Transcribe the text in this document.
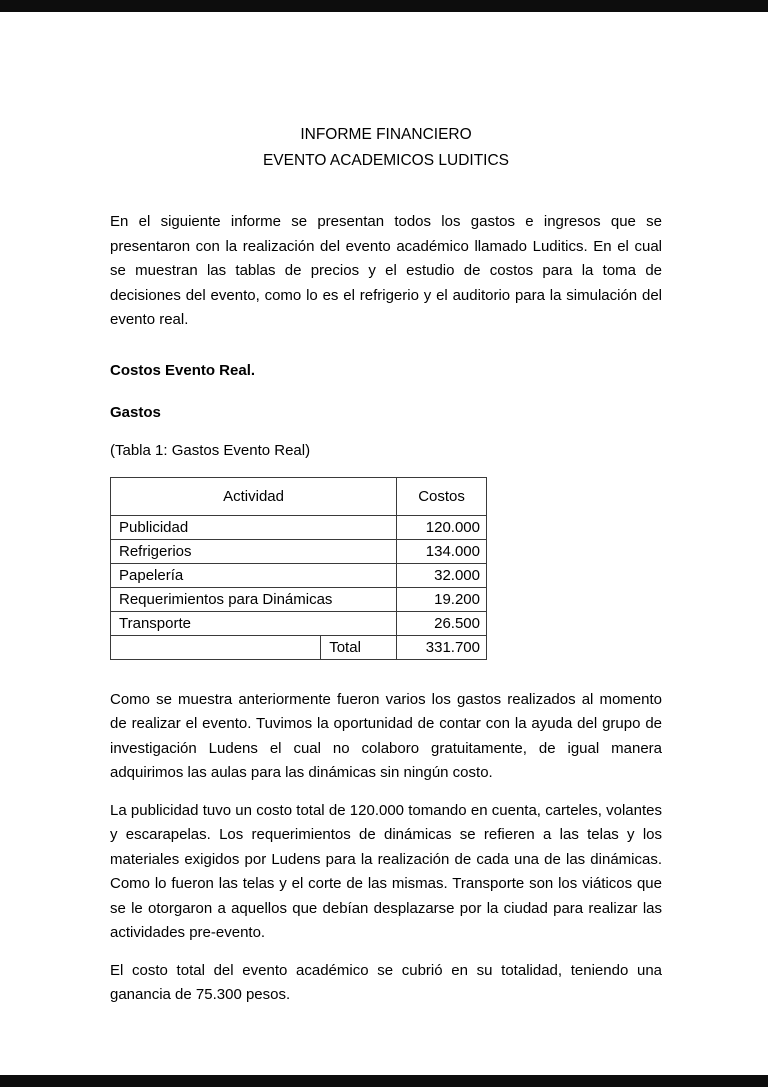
INFORME FINANCIERO
EVENTO ACADEMICOS LUDITICS

En el siguiente informe se presentan todos los gastos e ingresos que se presentaron con la realización del evento académico llamado Luditics. En el cual se muestran las tablas de precios y el estudio de costos para la toma de decisiones del evento, como lo es el refrigerio y el auditorio para la simulación del evento real.

Costos Evento Real.
Gastos
(Tabla 1: Gastos Evento Real)
Actividad		Costos
Publicidad		120.000
Refrigerios		134.000
Papelería		32.000
Requerimientos para Dinámicas		19.200
Transporte		26.500
	Total	331.700

Como se muestra anteriormente fueron varios los gastos realizados al momento de realizar el evento. Tuvimos la oportunidad de contar con la ayuda del grupo de investigación Ludens el cual no colaboro gratuitamente, de igual manera adquirimos las aulas para las dinámicas sin ningún costo.

La publicidad tuvo un costo total de 120.000 tomando en cuenta, carteles, volantes y escarapelas. Los requerimientos de dinámicas se refieren a las telas y los materiales exigidos por Ludens para la realización de cada una de las dinámicas. Como lo fueron las telas y el corte de las mismas. Transporte son los viáticos que se le otorgaron a aquellos que debían desplazarse por la ciudad para realizar las actividades pre-evento.

El costo total del evento académico se cubrió en su totalidad, teniendo una ganancia de 75.300 pesos.
